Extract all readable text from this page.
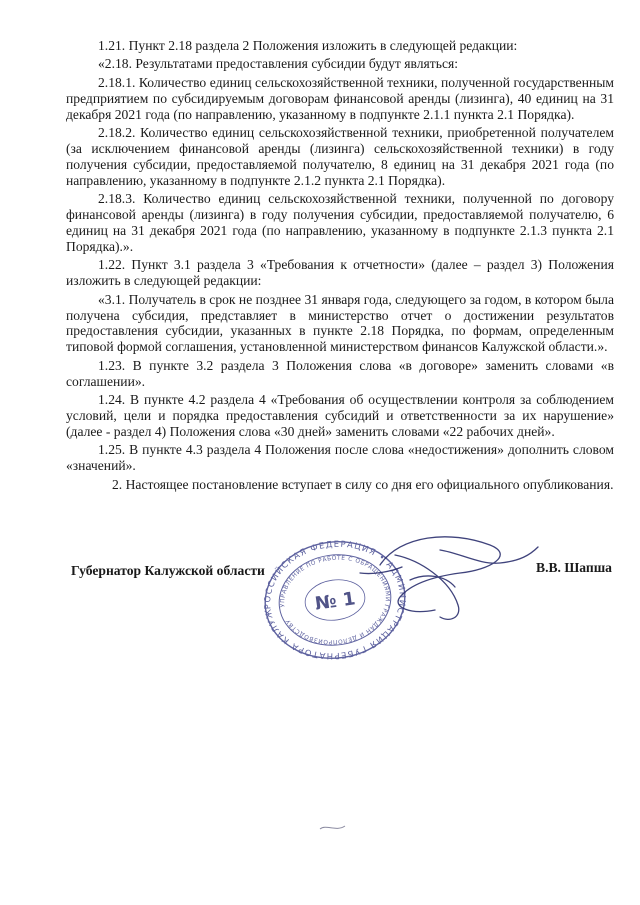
1.21. Пункт 2.18 раздела 2 Положения изложить в следующей редакции:

«2.18. Результатами предоставления субсидии будут являться:

2.18.1. Количество единиц сельскохозяйственной техники, полученной государственным предприятием по субсидируемым договорам финансовой аренды (лизинга), 40 единиц на 31 декабря 2021 года (по направлению, указанному в подпункте 2.1.1 пункта 2.1 Порядка).

2.18.2. Количество единиц сельскохозяйственной техники, приобретенной получателем (за исключением финансовой аренды (лизинга) сельскохозяйственной техники) в году получения субсидии, предоставляемой получателю, 8 единиц на 31 декабря 2021 года (по направлению, указанному в подпункте 2.1.2 пункта 2.1 Порядка).

2.18.3. Количество единиц сельскохозяйственной техники, полученной по договору финансовой аренды (лизинга) в году получения субсидии, предоставляемой получателю, 6 единиц на 31 декабря 2021 года (по направлению, указанному в подпункте 2.1.3 пункта 2.1 Порядка).».

1.22. Пункт 3.1 раздела 3 «Требования к отчетности» (далее – раздел 3) Положения изложить в следующей редакции:

«3.1. Получатель в срок не позднее 31 января года, следующего за годом, в котором была получена субсидия, представляет в министерство отчет о достижении результатов предоставления субсидии, указанных в пункте 2.18 Порядка, по формам, определенным типовой формой соглашения, установленной министерством финансов Калужской области.».

1.23. В пункте 3.2 раздела 3 Положения слова «в договоре» заменить словами «в соглашении».

1.24. В пункте 4.2 раздела 4 «Требования об осуществлении контроля за соблюдением условий, цели и порядка предоставления субсидий и ответственности за их нарушение» (далее - раздел 4) Положения слова «30 дней» заменить словами «22 рабочих дней».

1.25. В пункте 4.3 раздела 4 Положения после слова «недостижения» дополнить словом «значений».

2. Настоящее постановление вступает в силу со дня его официального опубликования.

РОССИЙСКАЯ ФЕДЕРАЦИЯ • АДМИНИСТРАЦИЯ ГУБЕРНАТОРА КАЛУЖСКОЙ
УПРАВЛЕНИЕ ПО РАБОТЕ С ОБРАЩЕНИЯМИ ГРАЖДАН И ДЕЛОПРОИЗВОДСТВУ
№ 1
Губернатор Калужской области	В.В. Шапша
